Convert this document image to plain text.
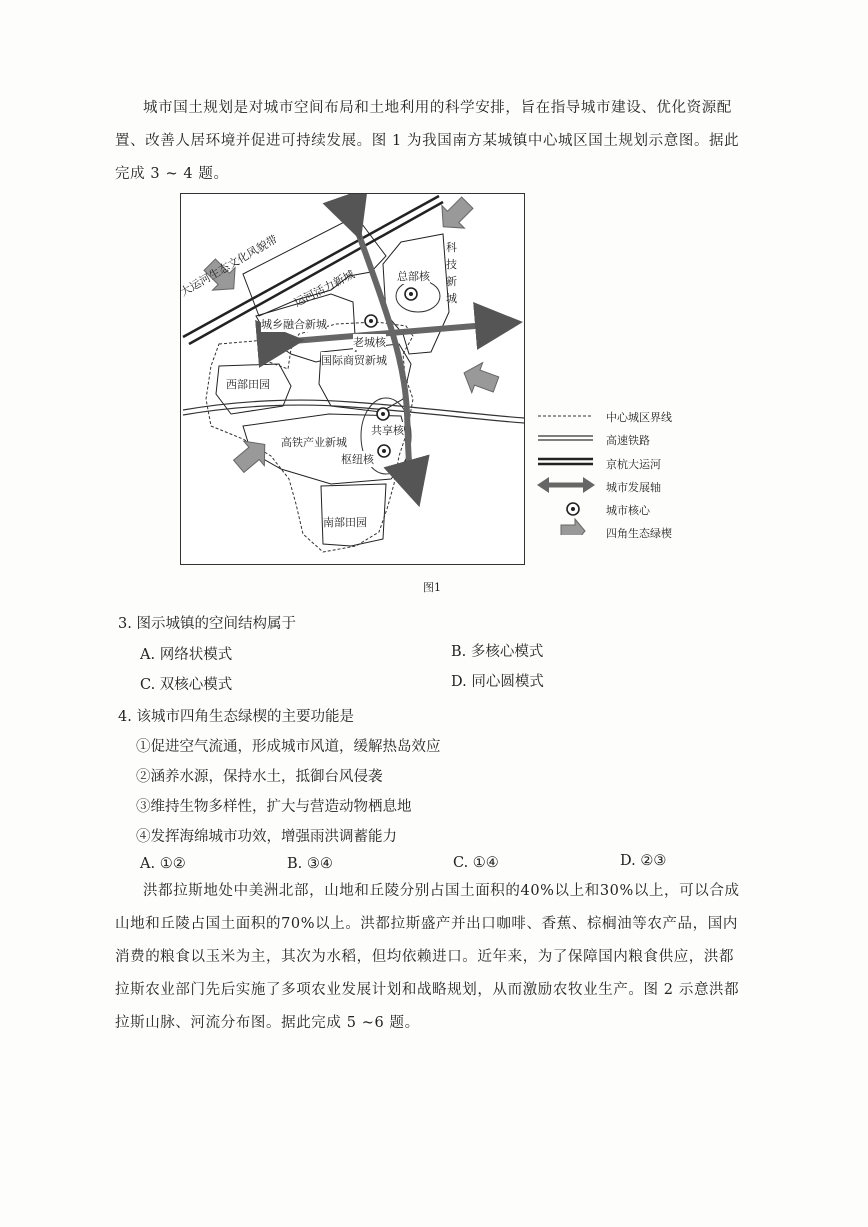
城市国土规划是对城市空间布局和土地利用的科学安排，旨在指导城市建设、优化资源配
置、改善人居环境并促进可持续发展。图 1 为我国南方某城镇中心城区国土规划示意图。据此
完成 3 ~ 4 题。
大运河生态文化风貌带 运河活力新城
科技新城
总部核
城乡融合新城
老城核
国际商贸新城
西部田园
共享核
高铁产业新城
枢纽核
南部田园
中心城区界线
高速铁路
京杭大运河
城市发展轴
城市核心
四角生态绿楔
图1
3. 图示城镇的空间结构属于
A. 网络状模式	B. 多核心模式
C. 双核心模式	D. 同心圆模式
4. 该城市四角生态绿楔的主要功能是
①促进空气流通，形成城市风道，缓解热岛效应
②涵养水源，保持水土，抵御台风侵袭
③维持生物多样性，扩大与营造动物栖息地
④发挥海绵城市功效，增强雨洪调蓄能力
A. ①②	B. ③④	C. ①④	D. ②③
洪都拉斯地处中美洲北部，山地和丘陵分别占国土面积的40%以上和30%以上，可以合成
山地和丘陵占国土面积的70%以上。洪都拉斯盛产并出口咖啡、香蕉、棕榈油等农产品，国内
消费的粮食以玉米为主，其次为水稻，但均依赖进口。近年来，为了保障国内粮食供应，洪都
拉斯农业部门先后实施了多项农业发展计划和战略规划，从而激励农牧业生产。图 2 示意洪都
拉斯山脉、河流分布图。据此完成 5 ~6 题。
